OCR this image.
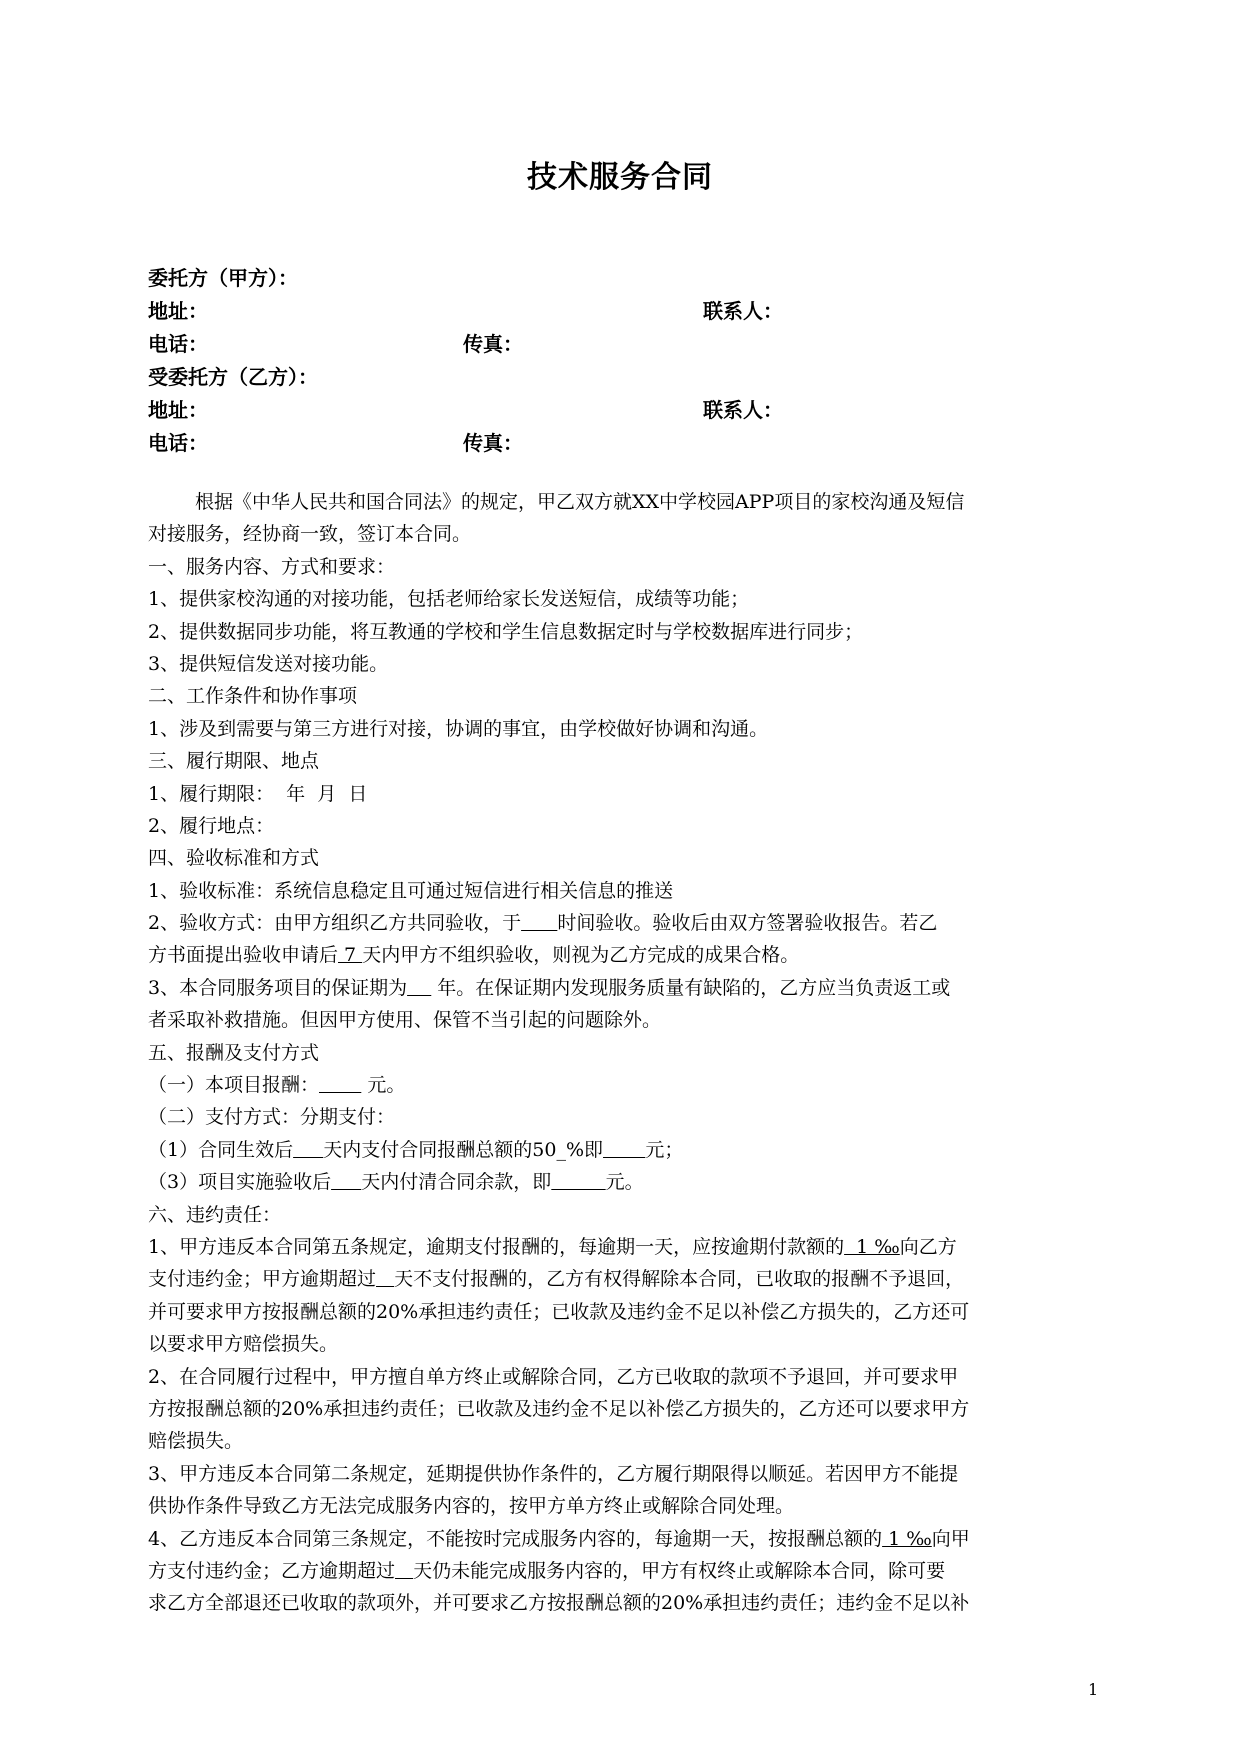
技术服务合同
委托方（甲方）：
地址：	联系人：
电话：	传真：
受委托方（乙方）：
地址：	联系人：
电话：	传真：
根据《中华人民共和国合同法》的规定，甲乙双方就XX中学校园APP项目的家校沟通及短信
对接服务，经协商一致，签订本合同。
一、服务内容、方式和要求：
1、提供家校沟通的对接功能，包括老师给家长发送短信，成绩等功能；
2、提供数据同步功能，将互教通的学校和学生信息数据定时与学校数据库进行同步；
3、提供短信发送对接功能。
二、工作条件和协作事项
1、涉及到需要与第三方进行对接，协调的事宜，由学校做好协调和沟通。
三、履行期限、地点
1、履行期限：  年  月  日
2、履行地点：
四、验收标准和方式
1、验收标准：系统信息稳定且可通过短信进行相关信息的推送
2、验收方式：由甲方组织乙方共同验收，于 时间验收。验收后由双方签署验收报告。若乙
方书面提出验收申请后 7 天内甲方不组织验收，则视为乙方完成的成果合格。
3、本合同服务项目的保证期为     年。在保证期内发现服务质量有缺陷的，乙方应当负责返工或
者采取补救措施。但因甲方使用、保管不当引起的问题除外。
五、报酬及支付方式
（一）本项目报酬：        元。
（二）支付方式：分期支付：
（1）合同生效后 天内支付合同报酬总额的50_%即 元；
（3）项目实施验收后 天内付清合同余款，即	元。
六、违约责任：
1、甲方违反本合同第五条规定，逾期支付报酬的，每逾期一天，应按逾期付款额的  1 ‰向乙方
支付违约金；甲方逾期超过 天不支付报酬的，乙方有权得解除本合同，已收取的报酬不予退回，
并可要求甲方按报酬总额的20%承担违约责任；已收款及违约金不足以补偿乙方损失的，乙方还可
以要求甲方赔偿损失。
2、在合同履行过程中，甲方擅自单方终止或解除合同，乙方已收取的款项不予退回，并可要求甲
方按报酬总额的20%承担违约责任；已收款及违约金不足以补偿乙方损失的，乙方还可以要求甲方
赔偿损失。
3、甲方违反本合同第二条规定，延期提供协作条件的，乙方履行期限得以顺延。若因甲方不能提
供协作条件导致乙方无法完成服务内容的，按甲方单方终止或解除合同处理。
4、乙方违反本合同第三条规定，不能按时完成服务内容的，每逾期一天，按报酬总额的 1 ‰向甲
方支付违约金；乙方逾期超过 天仍未能完成服务内容的，甲方有权终止或解除本合同，除可要
求乙方全部退还已收取的款项外，并可要求乙方按报酬总额的20%承担违约责任；违约金不足以补
1
